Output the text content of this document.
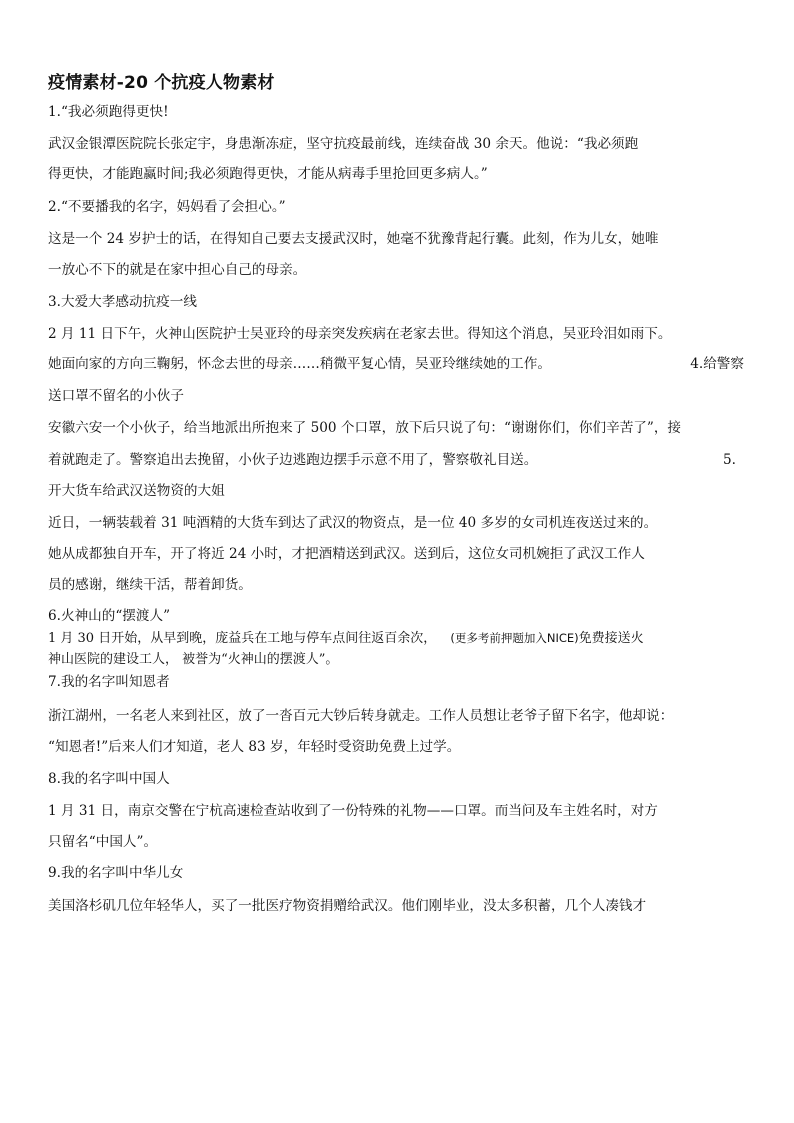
疫情素材-20 个抗疫人物素材
1.“我必须跑得更快!
武汉金银潭医院院长张定宇，身患渐冻症，坚守抗疫最前线，连续奋战 30 余天。他说：“我必须跑
得更快，才能跑赢时间;我必须跑得更快，才能从病毒手里抢回更多病人。”
2.“不要播我的名字，妈妈看了会担心。”
这是一个 24 岁护士的话，在得知自己要去支援武汉时，她毫不犹豫背起行囊。此刻，作为儿女，她唯
一放心不下的就是在家中担心自己的母亲。
3.大爱大孝感动抗疫一线
2 月 11 日下午，火神山医院护士吴亚玲的母亲突发疾病在老家去世。得知这个消息，吴亚玲泪如雨下。
她面向家的方向三鞠躬，怀念去世的母亲……稍微平复心情，吴亚玲继续她的工作。	4.给警察
送口罩不留名的小伙子
安徽六安一个小伙子，给当地派出所抱来了 500 个口罩，放下后只说了句：“谢谢你们，你们辛苦了”，接
着就跑走了。警察追出去挽留，小伙子边逃跑边摆手示意不用了，警察敬礼目送。	5.
开大货车给武汉送物资的大姐
近日，一辆装载着 31 吨酒精的大货车到达了武汉的物资点，是一位 40 多岁的女司机连夜送过来的。
她从成都独自开车，开了将近 24 小时，才把酒精送到武汉。送到后，这位女司机婉拒了武汉工作人
员的感谢，继续干活，帮着卸货。
6.火神山的“摆渡人”
1 月 30 日开始，从早到晚，庞益兵在工地与停车点间往返百余次， (更多考前押题加入NICE)免费接送火
神山医院的建设工人， 被誉为“火神山的摆渡人”。
7.我的名字叫知恩者
浙江湖州，一名老人来到社区，放了一沓百元大钞后转身就走。工作人员想让老爷子留下名字，他却说：
“知恩者!”后来人们才知道，老人 83 岁，年轻时受资助免费上过学。
8.我的名字叫中国人
1 月 31 日，南京交警在宁杭高速检查站收到了一份特殊的礼物——口罩。而当问及车主姓名时，对方
只留名“中国人”。
9.我的名字叫中华儿女
美国洛杉矶几位年轻华人，买了一批医疗物资捐赠给武汉。他们刚毕业，没太多积蓄，几个人凑钱才
